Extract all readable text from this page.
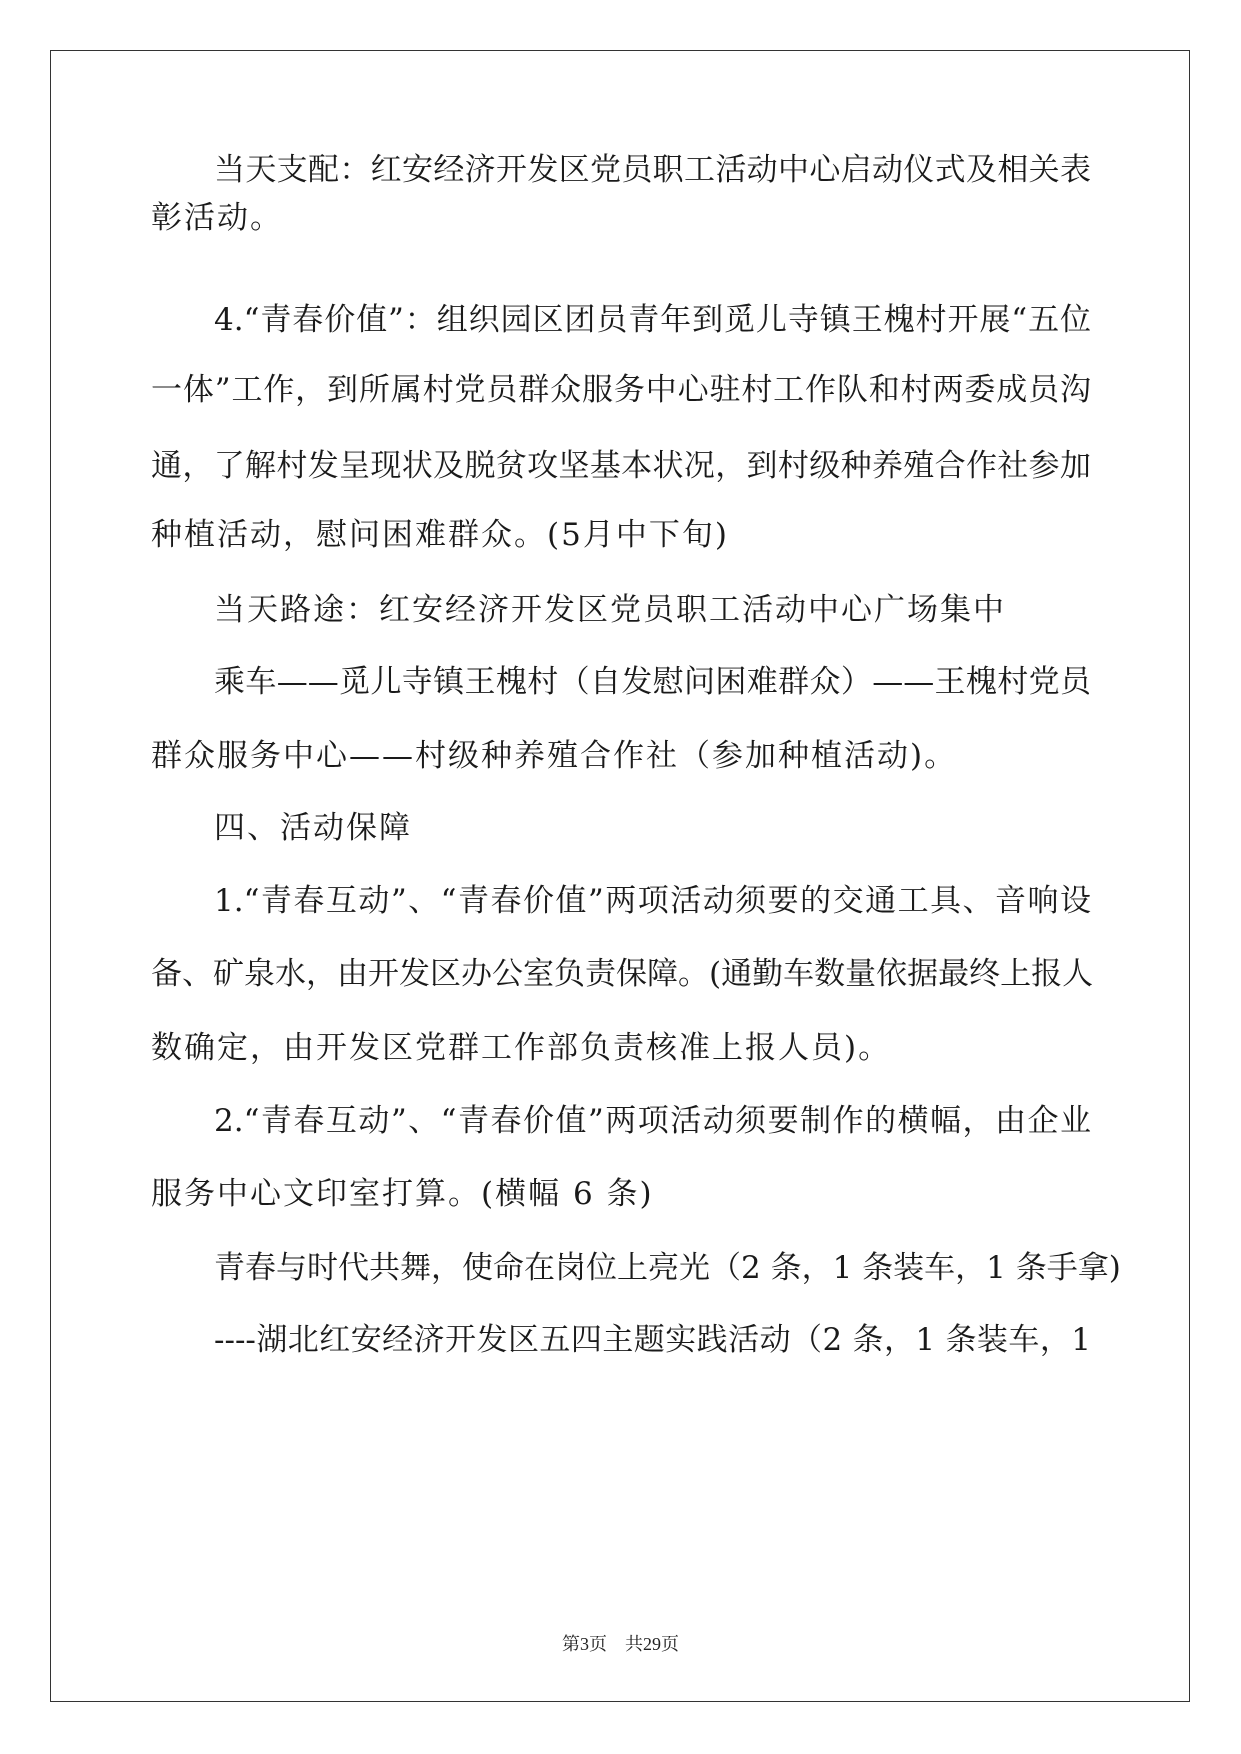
当天支配：红安经济开发区党员职工活动中心启动仪式及相关表
彰活动。
4.“青春价值”：组织园区团员青年到觅儿寺镇王槐村开展“五位
一体”工作，到所属村党员群众服务中心驻村工作队和村两委成员沟
通，了解村发呈现状及脱贫攻坚基本状况，到村级种养殖合作社参加
种植活动，慰问困难群众。(5月中下旬)
当天路途：红安经济开发区党员职工活动中心广场集中
乘车——觅儿寺镇王槐村（自发慰问困难群众）——王槐村党员
群众服务中心——村级种养殖合作社（参加种植活动)。
四、活动保障
1.“青春互动”、“青春价值”两项活动须要的交通工具、音响设
备、矿泉水，由开发区办公室负责保障。(通勤车数量依据最终上报人
数确定，由开发区党群工作部负责核准上报人员)。
2.“青春互动”、“青春价值”两项活动须要制作的横幅，由企业
服务中心文印室打算。(横幅 6 条)
青春与时代共舞，使命在岗位上亮光（2 条，1 条装车，1 条手拿)
----湖北红安经济开发区五四主题实践活动（2 条，1 条装车，1
第3页    共29页
